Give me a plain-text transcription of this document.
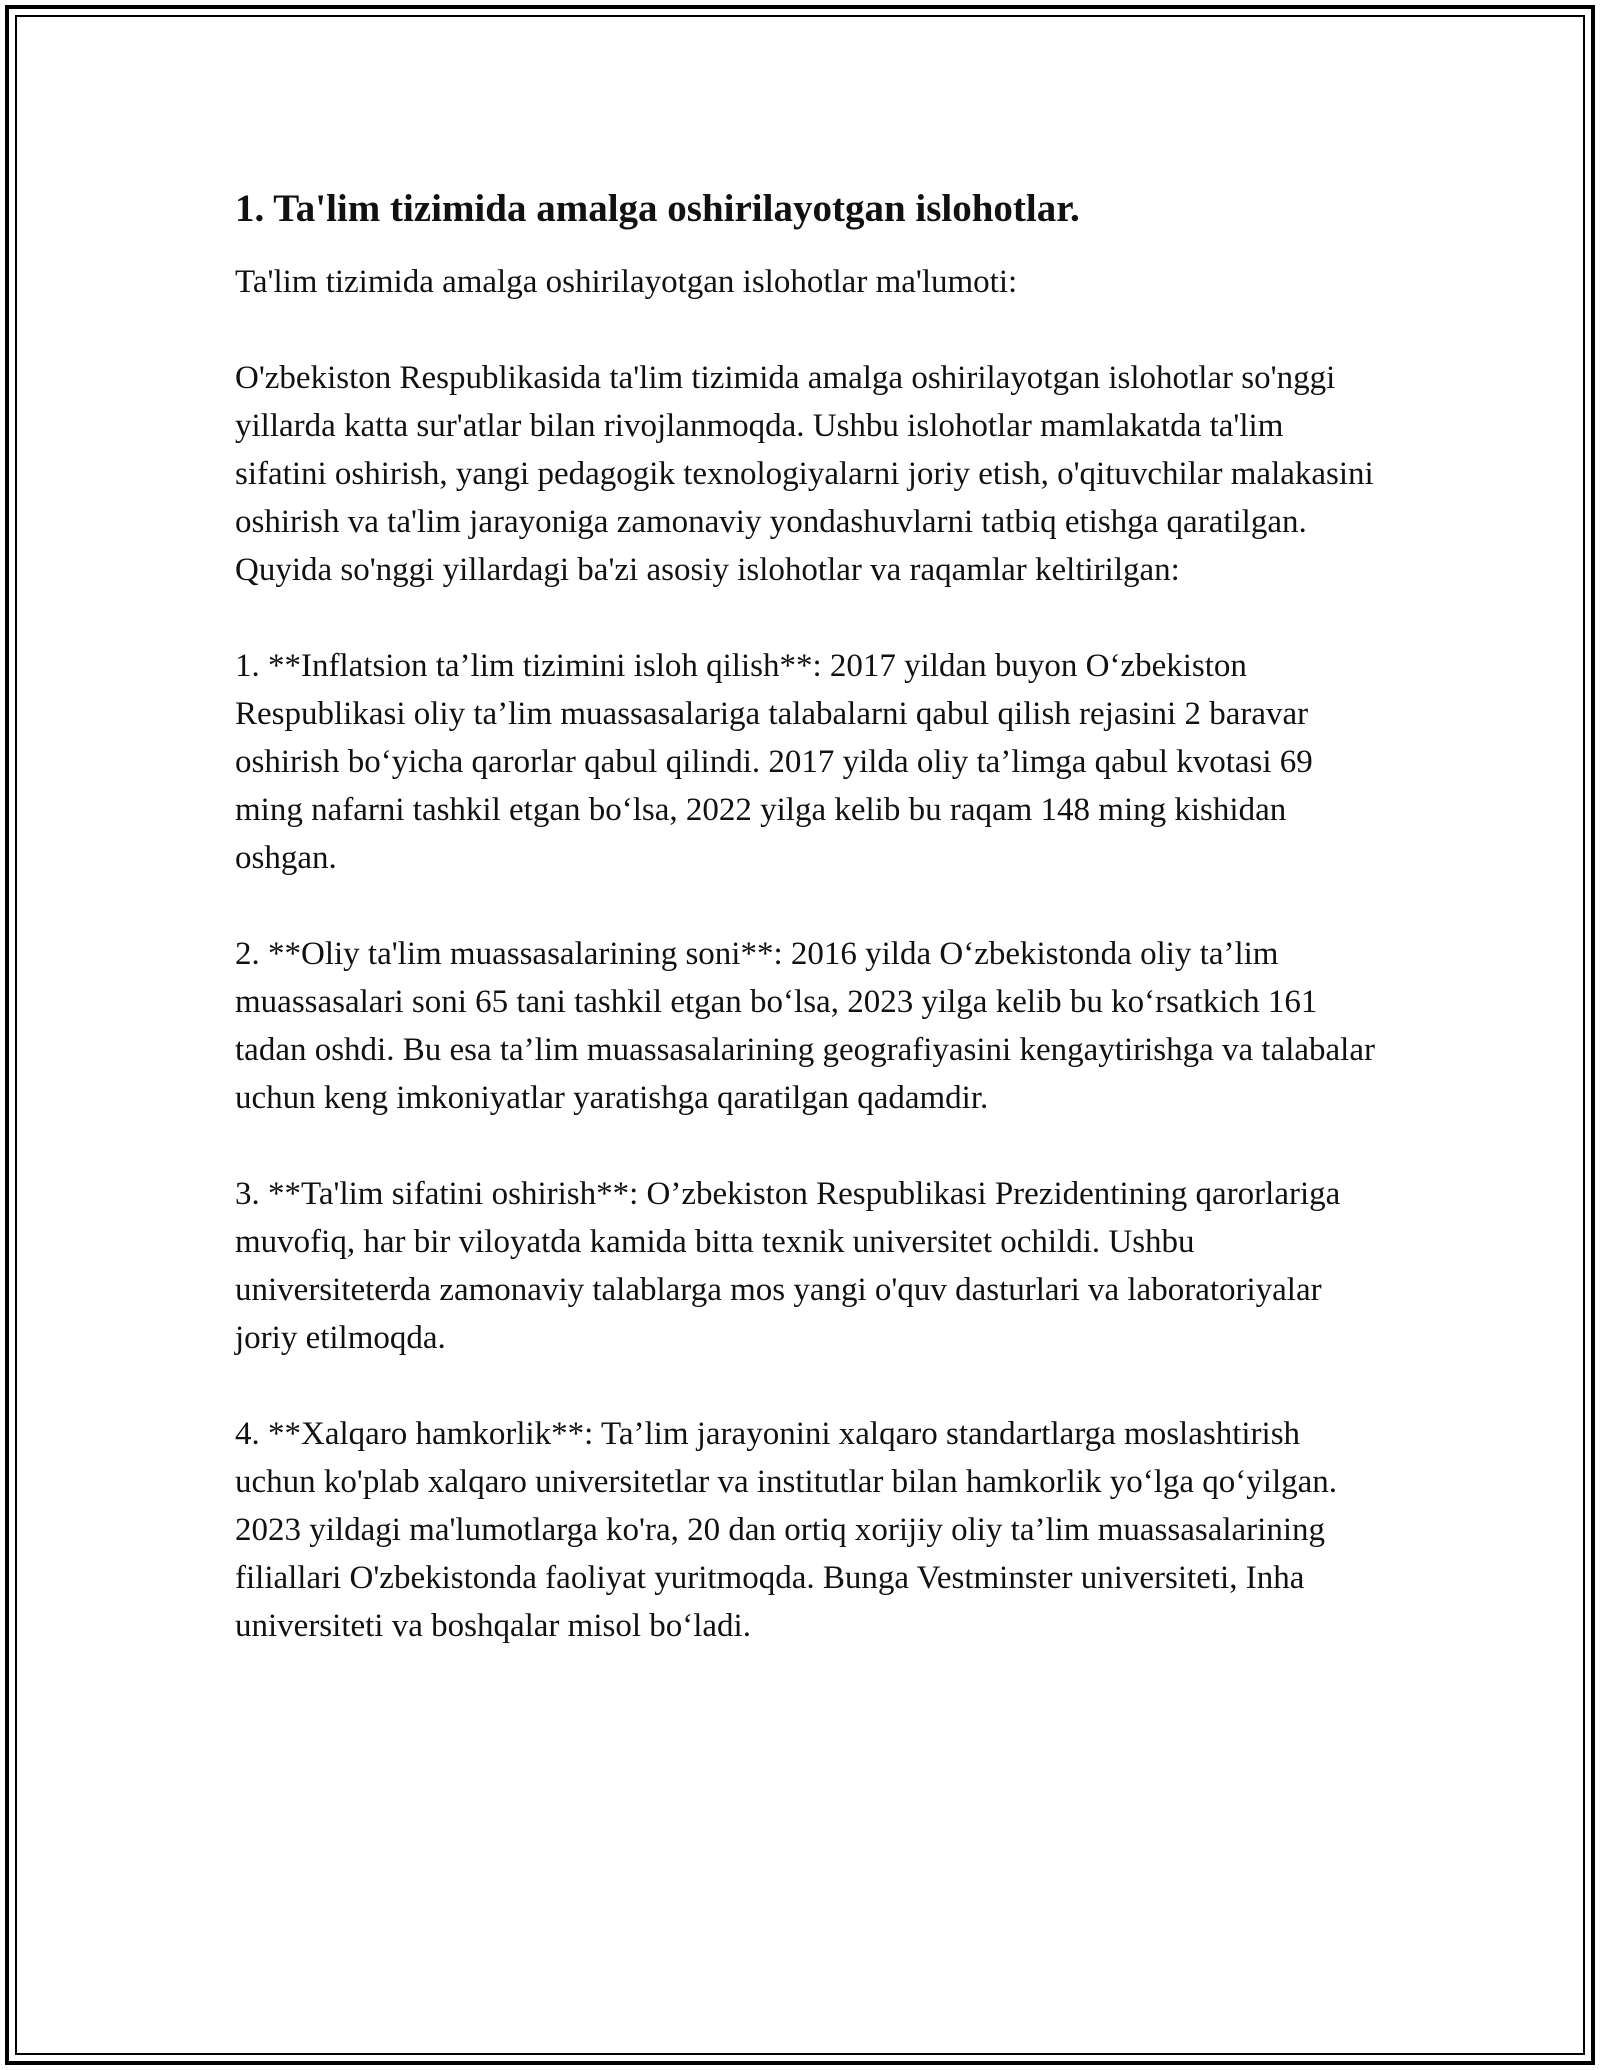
1. Ta'lim tizimida amalga oshirilayotgan islohotlar.

Ta'lim tizimida amalga oshirilayotgan islohotlar ma'lumoti:

O'zbekiston Respublikasida ta'lim tizimida amalga oshirilayotgan islohotlar so'nggi yillarda katta sur'atlar bilan rivojlanmoqda. Ushbu islohotlar mamlakatda ta'lim sifatini oshirish, yangi pedagogik texnologiyalarni joriy etish, o'qituvchilar malakasini oshirish va ta'lim jarayoniga zamonaviy yondashuvlarni tatbiq etishga qaratilgan. Quyida so'nggi yillardagi ba'zi asosiy islohotlar va raqamlar keltirilgan:

1. **Inflatsion ta’lim tizimini isloh qilish**: 2017 yildan buyon O‘zbekiston Respublikasi oliy ta’lim muassasalariga talabalarni qabul qilish rejasini 2 baravar oshirish bo‘yicha qarorlar qabul qilindi. 2017 yilda oliy ta’limga qabul kvotasi 69 ming nafarni tashkil etgan bo‘lsa, 2022 yilga kelib bu raqam 148 ming kishidan oshgan.

2. **Oliy ta'lim muassasalarining soni**: 2016 yilda O‘zbekistonda oliy ta’lim muassasalari soni 65 tani tashkil etgan bo‘lsa, 2023 yilga kelib bu ko‘rsatkich 161 tadan oshdi. Bu esa ta’lim muassasalarining geografiyasini kengaytirishga va talabalar uchun keng imkoniyatlar yaratishga qaratilgan qadamdir.

3. **Ta'lim sifatini oshirish**: O’zbekiston Respublikasi Prezidentining qarorlariga muvofiq, har bir viloyatda kamida bitta texnik universitet ochildi. Ushbu universiteterda zamonaviy talablarga mos yangi o'quv dasturlari va laboratoriyalar joriy etilmoqda.

4. **Xalqaro hamkorlik**: Ta’lim jarayonini xalqaro standartlarga moslashtirish uchun ko'plab xalqaro universitetlar va institutlar bilan hamkorlik yo‘lga qo‘yilgan. 2023 yildagi ma'lumotlarga ko'ra, 20 dan ortiq xorijiy oliy ta’lim muassasalarining filiallari O'zbekistonda faoliyat yuritmoqda. Bunga Vestminster universiteti, Inha universiteti va boshqalar misol bo‘ladi.
